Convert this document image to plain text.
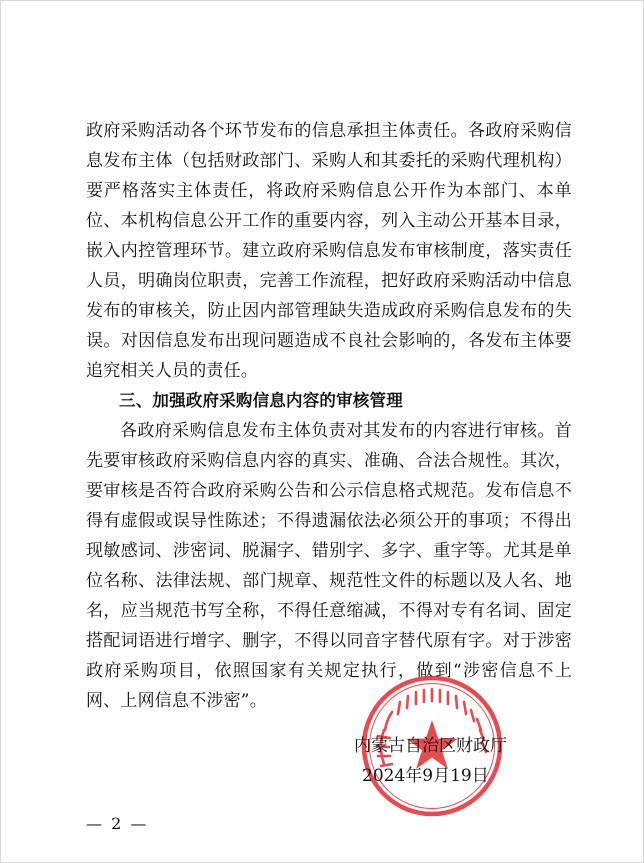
政府采购活动各个环节发布的信息承担主体责任。各政府采购信息发布主体（包括财政部门、采购人和其委托的采购代理机构）要严格落实主体责任，将政府采购信息公开作为本部门、本单位、本机构信息公开工作的重要内容，列入主动公开基本目录，嵌入内控管理环节。建立政府采购信息发布审核制度，落实责任人员，明确岗位职责，完善工作流程，把好政府采购活动中信息发布的审核关，防止因内部管理缺失造成政府采购信息发布的失误。对因信息发布出现问题造成不良社会影响的，各发布主体要追究相关人员的责任。

三、加强政府采购信息内容的审核管理

各政府采购信息发布主体负责对其发布的内容进行审核。首先要审核政府采购信息内容的真实、准确、合法合规性。其次，要审核是否符合政府采购公告和公示信息格式规范。发布信息不得有虚假或误导性陈述；不得遗漏依法必须公开的事项；不得出现敏感词、涉密词、脱漏字、错别字、多字、重字等。尤其是单位名称、法律法规、部门规章、规范性文件的标题以及人名、地名，应当规范书写全称，不得任意缩减，不得对专有名词、固定搭配词语进行增字、删字，不得以同音字替代原有字。对于涉密政府采购项目，依照国家有关规定执行，做到“涉密信息不上网、上网信息不涉密”。

内蒙古自治区财政厅
2024年9月19日
— 2 —
